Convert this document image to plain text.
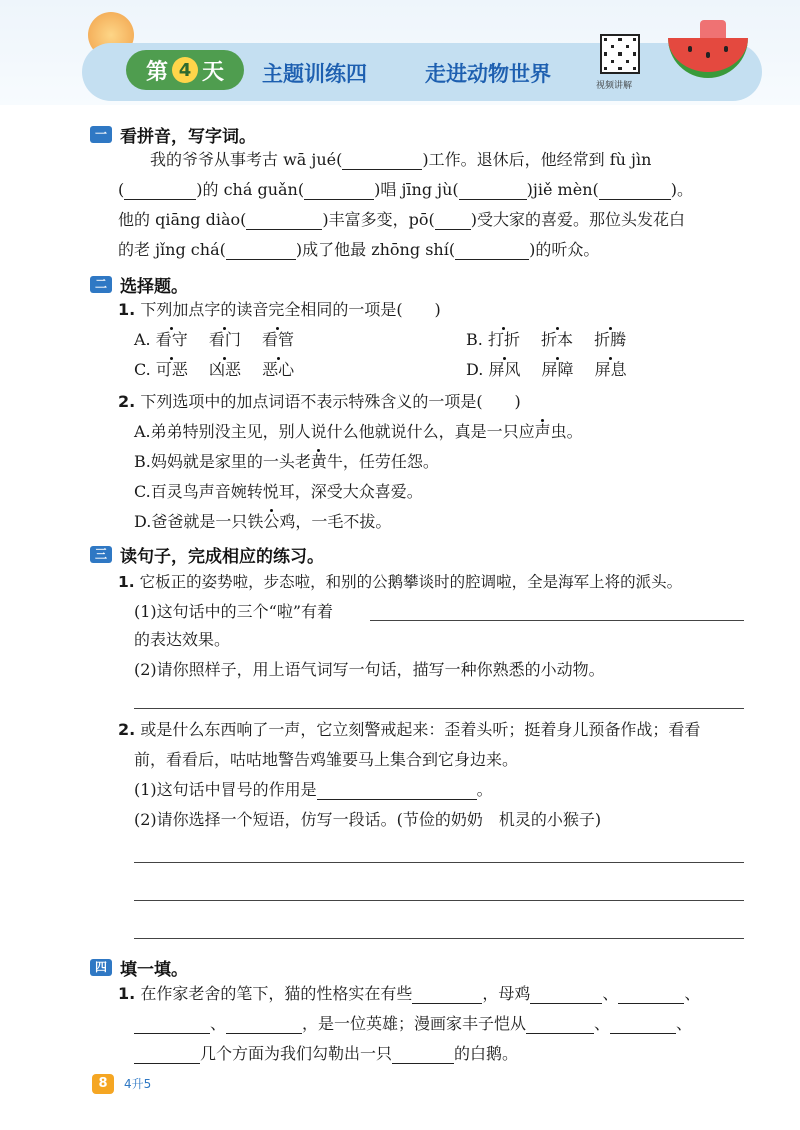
第 4 天 主题训练四	走进动物世界	视频讲解
一 看拼音，写字词。
我的爷爷从事考古 wā jué(	)工作。退休后，他经常到 fù jìn
(	)的 chá guǎn(	)唱 jīng jù(	)jiě mèn(	)。
他的 qiāng diào(	)丰富多变，pō( )受大家的喜爱。那位头发花白
的老 jǐng chá(	)成了他最 zhōng shí(	)的听众。
二 选择题。
1. 下列加点字的读音完全相同的一项是(　　)
A. 看守　 看门　 看管	B. 打折　 折本　 折腾
C. 可恶　 凶恶　 恶心	D. 屏风　 屏障　 屏息
2. 下列选项中的加点词语不表示特殊含义的一项是(　　)
A.弟弟特别没主见，别人说什么他就说什么，真是一只应声虫。
B.妈妈就是家里的一头老黄牛，任劳任怨。
C.百灵鸟声音婉转悦耳，深受大众喜爱。
D.爸爸就是一只铁公鸡，一毛不拔。
三 读句子，完成相应的练习。
1. 它板正的姿势啦，步态啦，和别的公鹅攀谈时的腔调啦，全是海军上将的派头。
(1)这句话中的三个“啦”有着
的表达效果。
(2)请你照样子，用上语气词写一句话，描写一种你熟悉的小动物。
2. 或是什么东西响了一声，它立刻警戒起来：歪着头听；挺着身儿预备作战；看看
前，看看后，咕咕地警告鸡雏要马上集合到它身边来。
(1)这句话中冒号的作用是	。
(2)请你选择一个短语，仿写一段话。(节俭的奶奶　机灵的小猴子)
四 填一填。
1. 在作家老舍的笔下，猫的性格实在有些	，母鸡	、	、
、	，是一位英雄；漫画家丰子恺从	、	、
几个方面为我们勾勒出一只	的白鹅。
8	4升5
